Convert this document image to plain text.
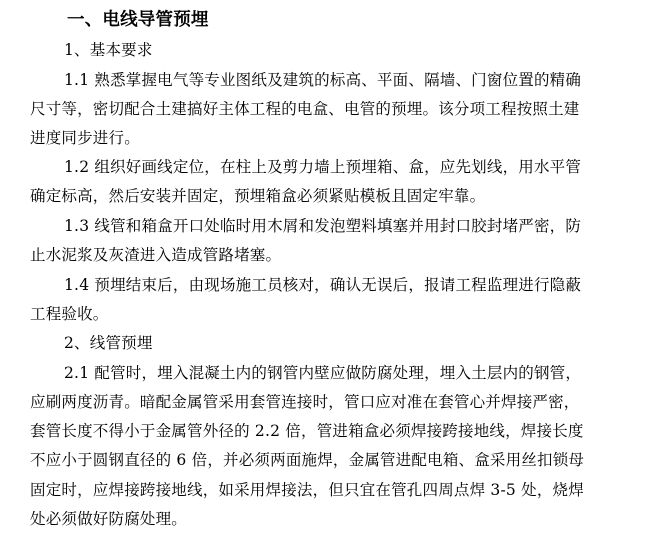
一、电线导管预埋
1、基本要求
1.1 熟悉掌握电气等专业图纸及建筑的标高、平面、隔墙、门窗位置的精确
尺寸等，密切配合土建搞好主体工程的电盒、电管的预埋。该分项工程按照土建
进度同步进行。
1.2 组织好画线定位，在柱上及剪力墙上预埋箱、盒，应先划线，用水平管
确定标高，然后安装并固定，预埋箱盒必须紧贴模板且固定牢靠。
1.3 线管和箱盒开口处临时用木屑和发泡塑料填塞并用封口胶封堵严密，防
止水泥浆及灰渣进入造成管路堵塞。
1.4 预埋结束后，由现场施工员核对，确认无误后，报请工程监理进行隐蔽
工程验收。
2、线管预埋
2.1 配管时，埋入混凝土内的钢管内壁应做防腐处理，埋入土层内的钢管，
应刷两度沥青。暗配金属管采用套管连接时，管口应对准在套管心并焊接严密，
套管长度不得小于金属管外径的 2.2 倍，管进箱盒必须焊接跨接地线，焊接长度
不应小于圆钢直径的 6 倍，并必须两面施焊，金属管进配电箱、盒采用丝扣锁母
固定时，应焊接跨接地线，如采用焊接法，但只宜在管孔四周点焊 3-5 处，烧焊
处必须做好防腐处理。
